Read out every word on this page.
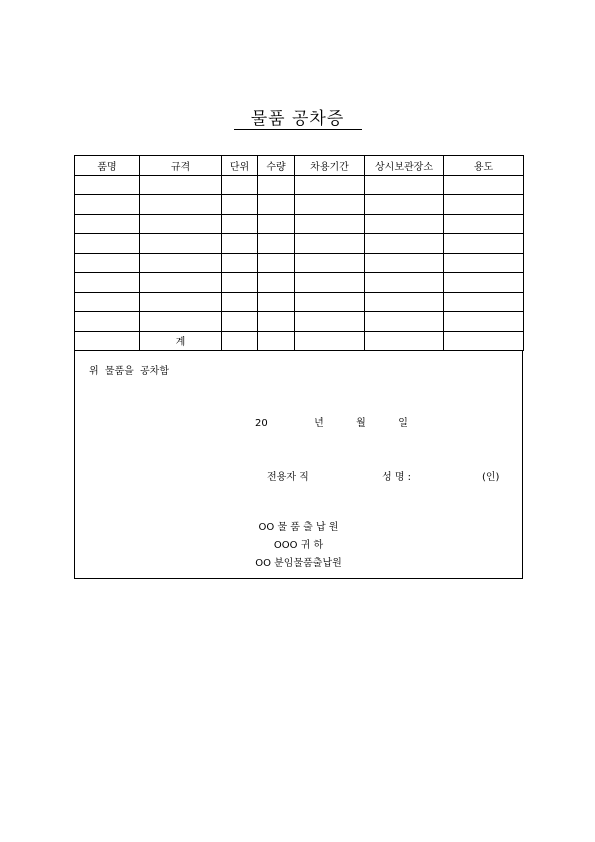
물품 공차증
품명	규격	단위	수량	차용기간	상시보관장소	용도

	계					
위 물품을 공차함
20	년	월	일
전용자 직	성 명 :	(인)
OO 물 품 출 납 원
OOO 귀 하
OO 분임물품출납원
